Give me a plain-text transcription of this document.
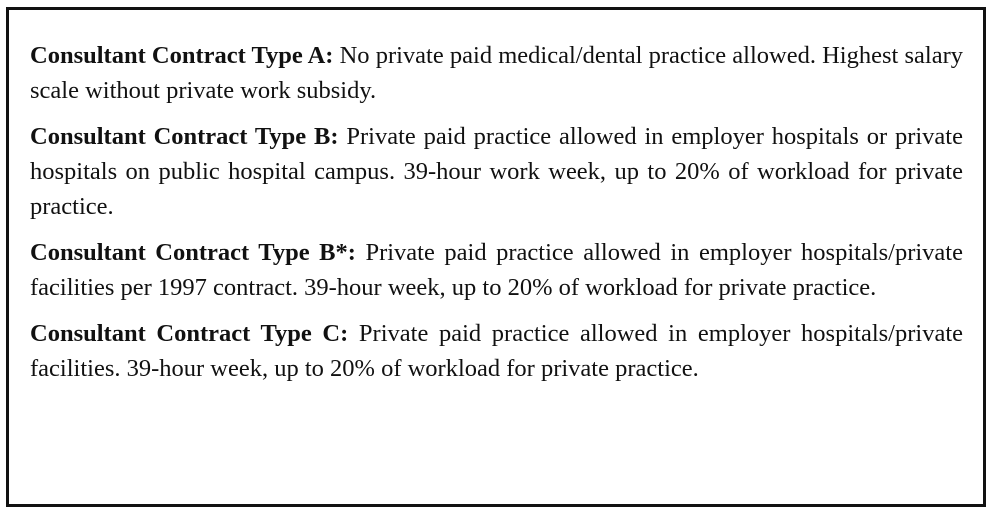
Consultant Contract Type A: No private paid medical/dental practice allowed. Highest salary scale without private work subsidy.

Consultant Contract Type B: Private paid practice allowed in employer hospitals or private hospitals on public hospital campus. 39-hour work week, up to 20% of workload for private practice.

Consultant Contract Type B*: Private paid practice allowed in employer hospitals/private facilities per 1997 contract. 39-hour week, up to 20% of workload for private practice.

Consultant Contract Type C: Private paid practice allowed in employer hospitals/private facilities. 39-hour week, up to 20% of workload for private practice.
